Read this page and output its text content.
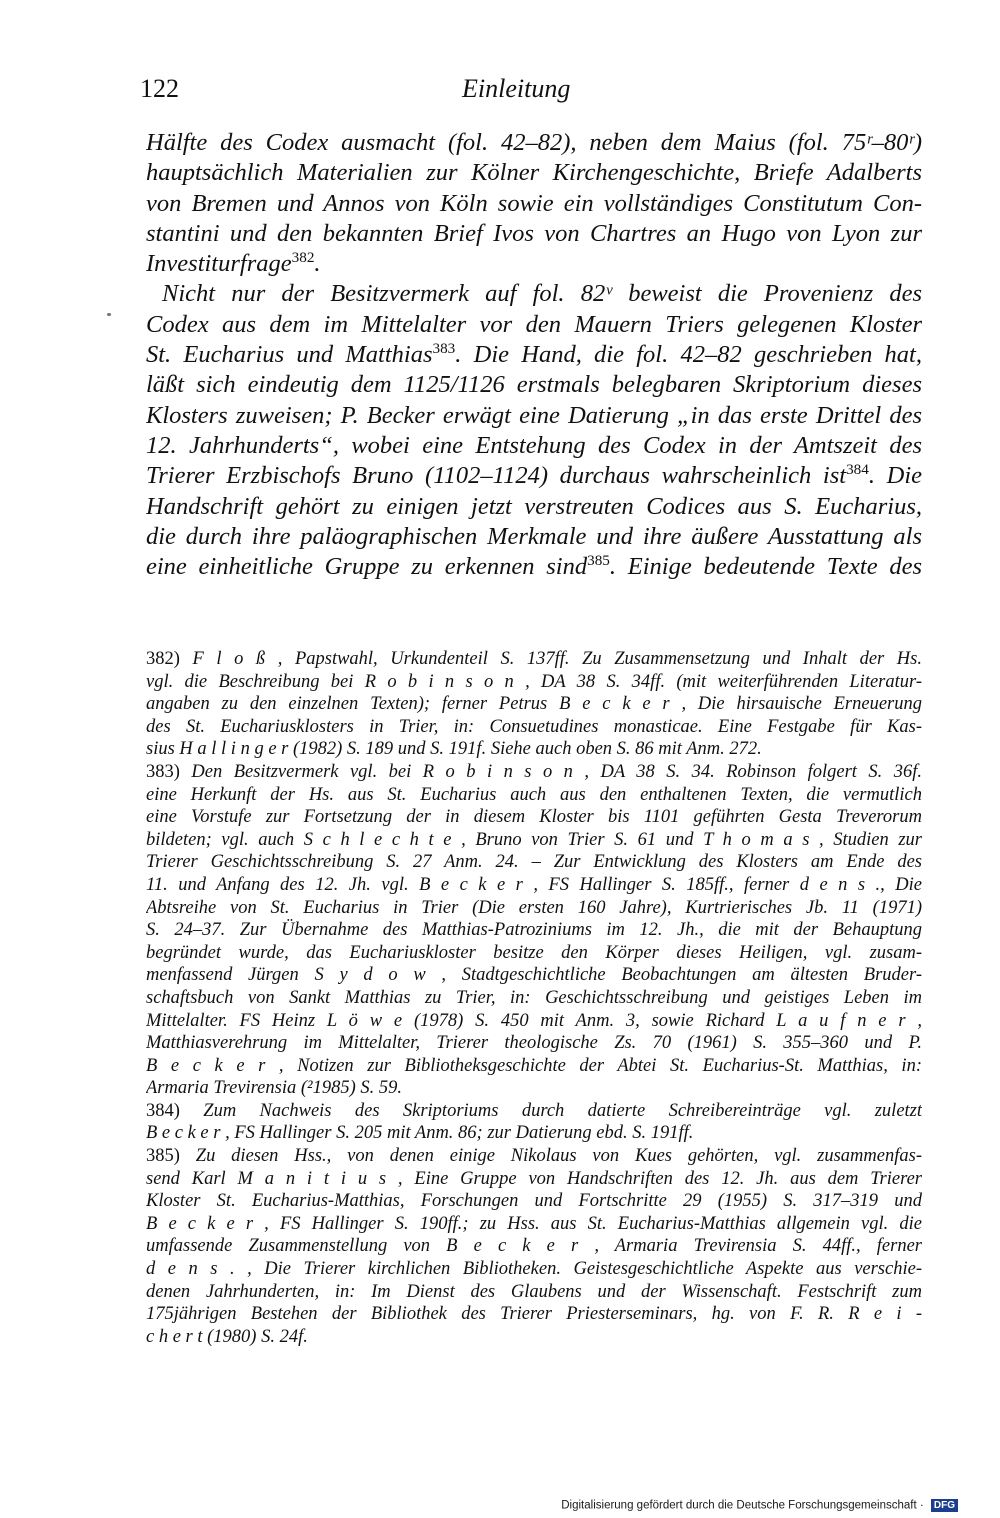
122	Einleitung
Hälfte des Codex ausmacht (fol. 42–82), neben dem Maius (fol. 75ʳ–80ʳ)
hauptsächlich Materialien zur Kölner Kirchengeschichte, Briefe Adalberts
von Bremen und Annos von Köln sowie ein vollständiges Constitutum Con-
stantini und den bekannten Brief Ivos von Chartres an Hugo von Lyon zur
Investiturfrage$^{382}$.
Nicht nur der Besitzvermerk auf fol. 82ᵛ beweist die Provenienz des
Codex aus dem im Mittelalter vor den Mauern Triers gelegenen Kloster
St. Eucharius und Matthias$^{383}$. Die Hand, die fol. 42–82 geschrieben hat,
läßt sich eindeutig dem 1125/1126 erstmals belegbaren Skriptorium dieses
Klosters zuweisen; P. Becker erwägt eine Datierung „in das erste Drittel des
12. Jahrhunderts“, wobei eine Entstehung des Codex in der Amtszeit des
Trierer Erzbischofs Bruno (1102–1124) durchaus wahrscheinlich ist$^{384}$. Die
Handschrift gehört zu einigen jetzt verstreuten Codices aus S. Eucharius,
die durch ihre paläographischen Merkmale und ihre äußere Ausstattung als
eine einheitliche Gruppe zu erkennen sind$^{385}$. Einige bedeutende Texte des
382) F l o ß , Papstwahl, Urkundenteil S. 137ff. Zu Zusammensetzung und Inhalt der Hs.
vgl. die Beschreibung bei R o b i n s o n , DA 38 S. 34ff. (mit weiterführenden Literatur-
angaben zu den einzelnen Texten); ferner Petrus B e c k e r , Die hirsauische Erneuerung
des St. Euchariusklosters in Trier, in: Consuetudines monasticae. Eine Festgabe für Kas-
sius H a l l i n g e r (1982) S. 189 und S. 191f. Siehe auch oben S. 86 mit Anm. 272.
383) Den Besitzvermerk vgl. bei R o b i n s o n , DA 38 S. 34. Robinson folgert S. 36f.
eine Herkunft der Hs. aus St. Eucharius auch aus den enthaltenen Texten, die vermutlich
eine Vorstufe zur Fortsetzung der in diesem Kloster bis 1101 geführten Gesta Treverorum
bildeten; vgl. auch S c h l e c h t e , Bruno von Trier S. 61 und T h o m a s , Studien zur
Trierer Geschichtsschreibung S. 27 Anm. 24. – Zur Entwicklung des Klosters am Ende des
11. und Anfang des 12. Jh. vgl. B e c k e r , FS Hallinger S. 185ff., ferner d e n s ., Die
Abtsreihe von St. Eucharius in Trier (Die ersten 160 Jahre), Kurtrierisches Jb. 11 (1971)
S. 24–37. Zur Übernahme des Matthias-Patroziniums im 12. Jh., die mit der Behauptung
begründet wurde, das Euchariuskloster besitze den Körper dieses Heiligen, vgl. zusam-
menfassend Jürgen S y d o w , Stadtgeschichtliche Beobachtungen am ältesten Bruder-
schaftsbuch von Sankt Matthias zu Trier, in: Geschichtsschreibung und geistiges Leben im
Mittelalter. FS Heinz L ö w e (1978) S. 450 mit Anm. 3, sowie Richard L a u f n e r ,
Matthiasverehrung im Mittelalter, Trierer theologische Zs. 70 (1961) S. 355–360 und P.
B e c k e r , Notizen zur Bibliotheksgeschichte der Abtei St. Eucharius-St. Matthias, in:
Armaria Trevirensia (²1985) S. 59.
384) Zum Nachweis des Skriptoriums durch datierte Schreibereinträge vgl. zuletzt
B e c k e r , FS Hallinger S. 205 mit Anm. 86; zur Datierung ebd. S. 191ff.
385) Zu diesen Hss., von denen einige Nikolaus von Kues gehörten, vgl. zusammenfas-
send Karl M a n i t i u s , Eine Gruppe von Handschriften des 12. Jh. aus dem Trierer
Kloster St. Eucharius-Matthias, Forschungen und Fortschritte 29 (1955) S. 317–319 und
B e c k e r , FS Hallinger S. 190ff.; zu Hss. aus St. Eucharius-Matthias allgemein vgl. die
umfassende Zusammenstellung von B e c k e r , Armaria Trevirensia S. 44ff., ferner
d e n s . , Die Trierer kirchlichen Bibliotheken. Geistesgeschichtliche Aspekte aus verschie-
denen Jahrhunderten, in: Im Dienst des Glaubens und der Wissenschaft. Festschrift zum
175jährigen Bestehen der Bibliothek des Trierer Priesterseminars, hg. von F. R. R e i -
c h e r t (1980) S. 24f.
Digitalisierung gefördert durch die Deutsche Forschungsgemeinschaft · DFG
